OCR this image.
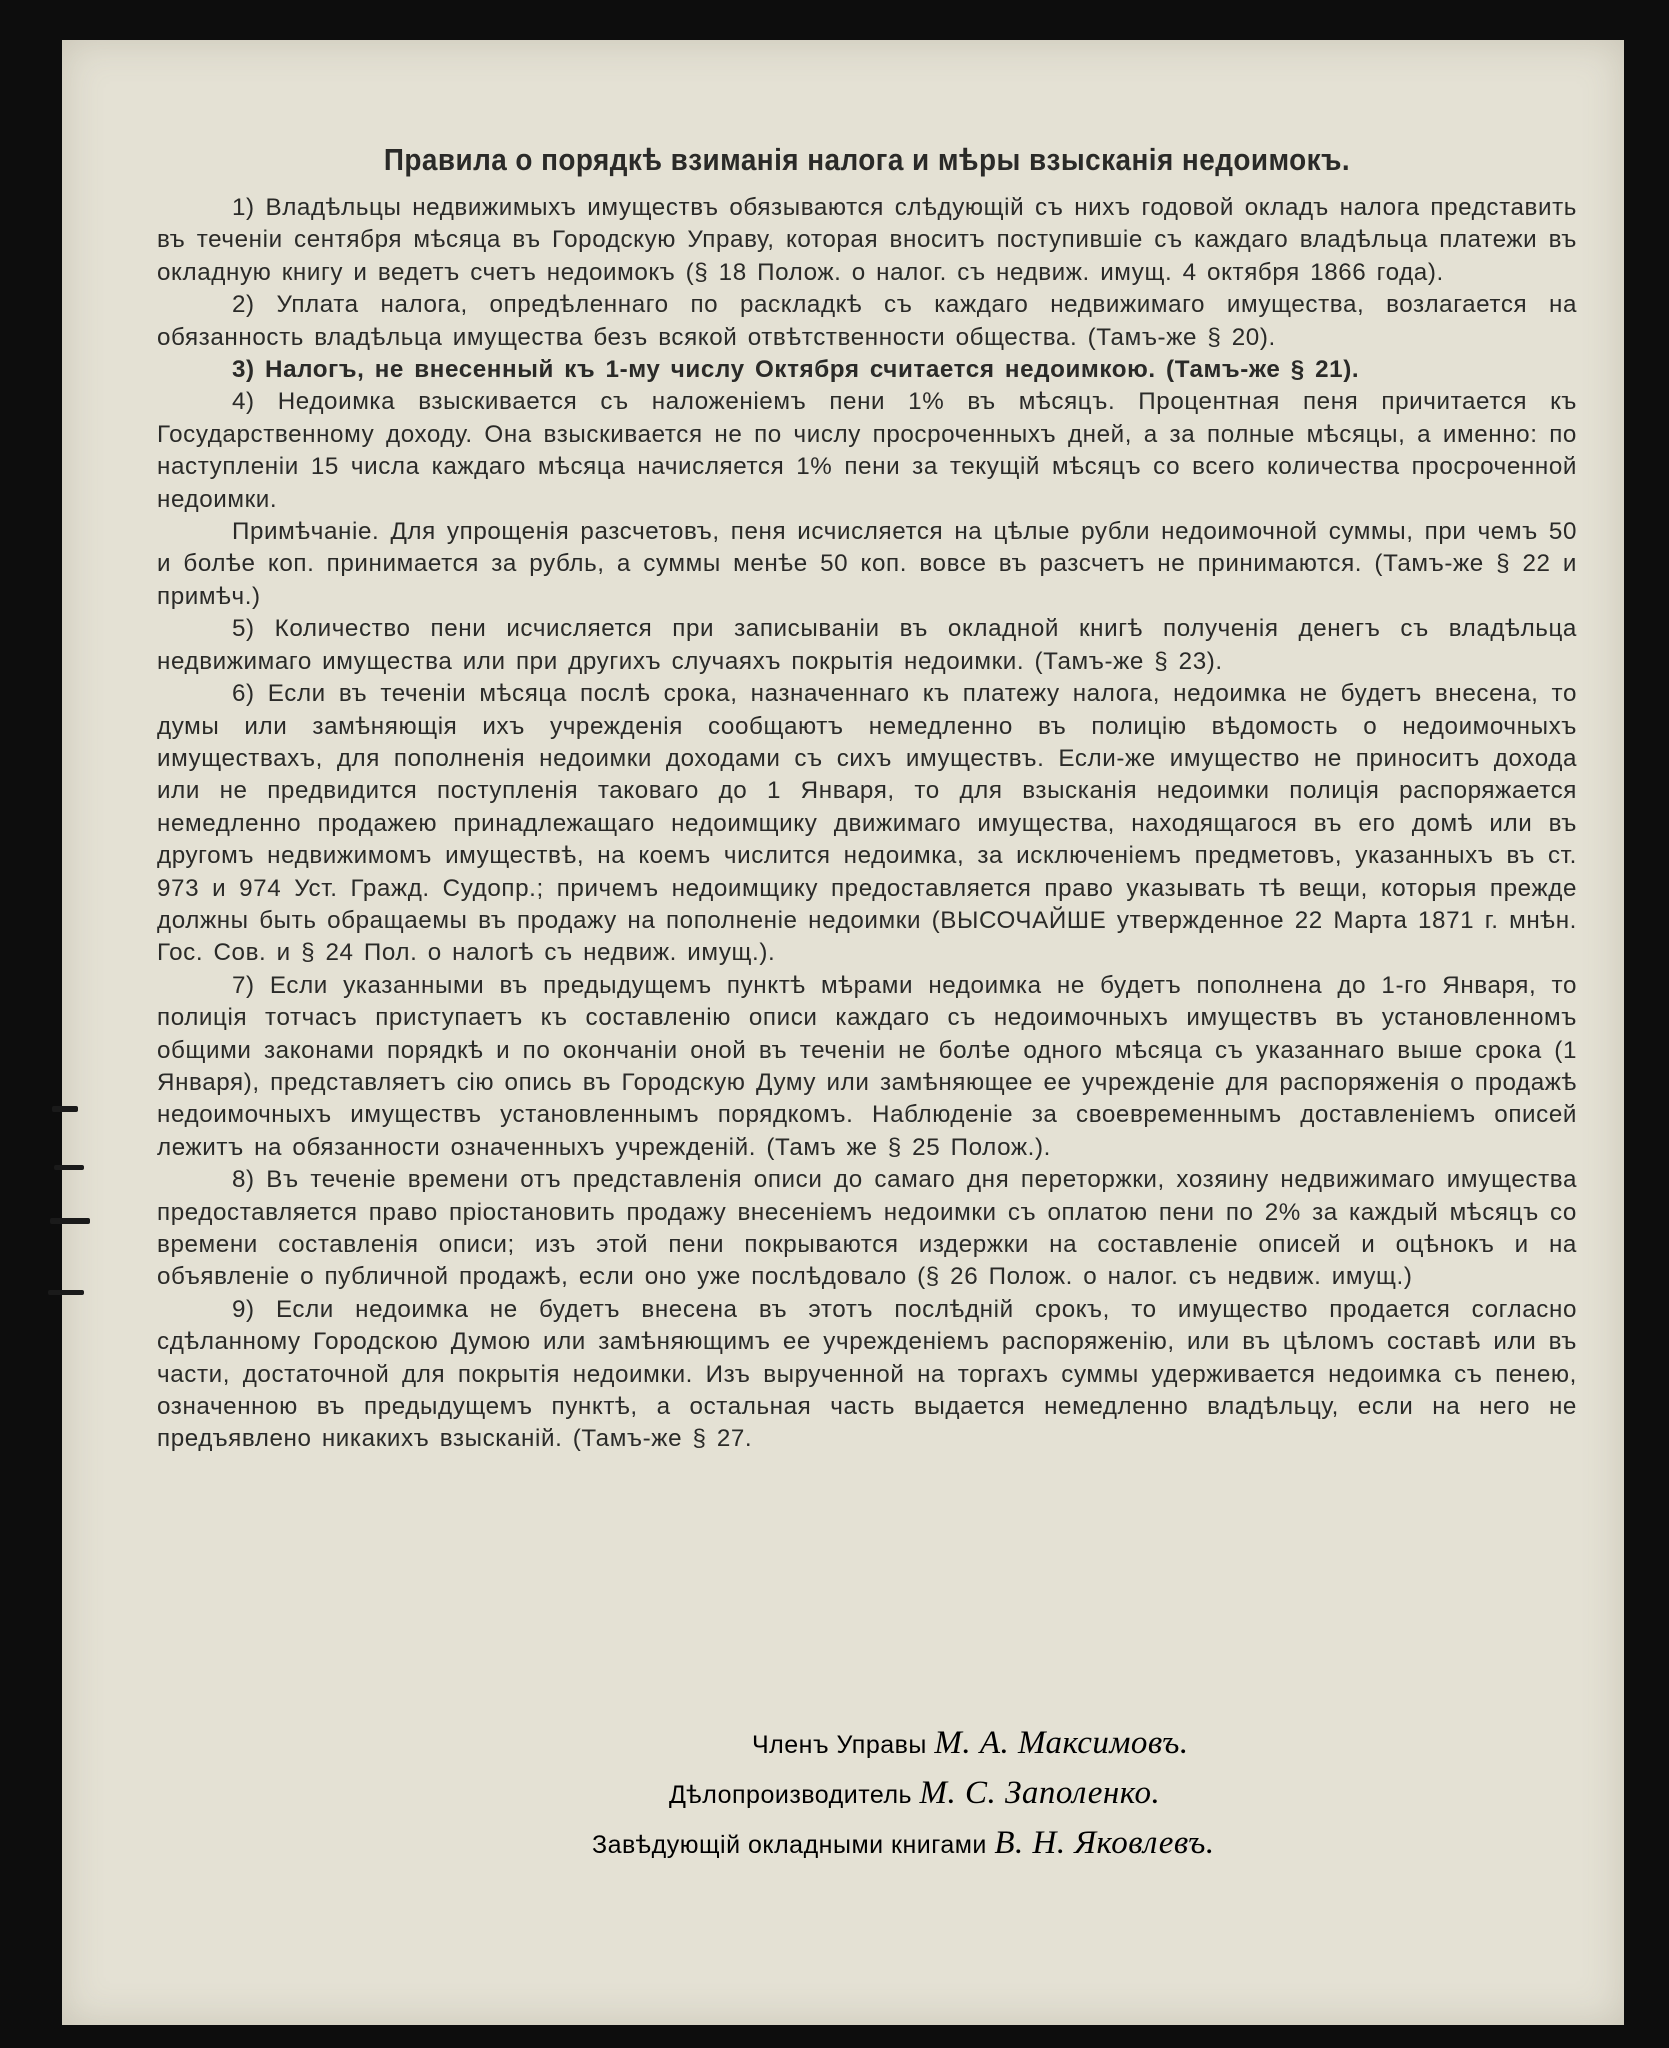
Правила о порядкѣ взиманія налога и мѣры взысканія недоимокъ.

1) Владѣльцы недвижимыхъ имуществъ обязываются слѣдующій съ нихъ годовой окладъ налога представить въ теченіи сентября мѣсяца въ Городскую Управу, которая вноситъ поступившіе съ каждаго владѣльца платежи въ окладную книгу и ведетъ счетъ недоимокъ (§ 18 Полож. о налог. съ недвиж. имущ. 4 октября 1866 года).

2) Уплата налога, опредѣленнаго по раскладкѣ съ каждаго недвижимаго имущества, возлагается на обязанность владѣльца имущества безъ всякой отвѣтственности общества. (Тамъ-же § 20).

3) Налогъ, не внесенный къ 1-му числу Октября считается недоимкою. (Тамъ-же § 21).

4) Недоимка взыскивается съ наложеніемъ пени 1% въ мѣсяцъ. Процентная пеня причитается къ Государственному доходу. Она взыскивается не по числу просроченныхъ дней, а за полные мѣсяцы, а именно: по наступленіи 15 числа каждаго мѣсяца начисляется 1% пени за текущій мѣсяцъ со всего количества просроченной недоимки.

Примѣчаніе. Для упрощенія разсчетовъ, пеня исчисляется на цѣлые рубли недоимочной суммы, при чемъ 50 и болѣе коп. принимается за рубль, а суммы менѣе 50 коп. вовсе въ разсчетъ не принимаются. (Тамъ-же § 22 и примѣч.)

5) Количество пени исчисляется при записываніи въ окладной книгѣ полученія денегъ съ владѣльца недвижимаго имущества или при другихъ случаяхъ покрытія недоимки. (Тамъ-же § 23).

6) Если въ теченіи мѣсяца послѣ срока, назначеннаго къ платежу налога, недоимка не будетъ внесена, то думы или замѣняющія ихъ учрежденія сообщаютъ немедленно въ полицію вѣдомость о недоимочныхъ имуществахъ, для пополненія недоимки доходами съ сихъ имуществъ. Если-же имущество не приноситъ дохода или не предвидится поступленія таковаго до 1 Января, то для взысканія недоимки полиція распоряжается немедленно продажею принадлежащаго недоимщику движимаго имущества, находящагося въ его домѣ или въ другомъ недвижимомъ имуществѣ, на коемъ числится недоимка, за исключеніемъ предметовъ, указанныхъ въ ст. 973 и 974 Уст. Гражд. Судопр.; причемъ недоимщику предоставляется право указывать тѣ вещи, которыя прежде должны быть обращаемы въ продажу на пополненіе недоимки (ВЫСОЧАЙШЕ утвержденное 22 Марта 1871 г. мнѣн. Гос. Сов. и § 24 Пол. о налогѣ съ недвиж. имущ.).

7) Если указанными въ предыдущемъ пунктѣ мѣрами недоимка не будетъ пополнена до 1-го Января, то полиція тотчасъ приступаетъ къ составленію описи каждаго съ недоимочныхъ имуществъ въ установленномъ общими законами порядкѣ и по окончаніи оной въ теченіи не болѣе одного мѣсяца съ указаннаго выше срока (1 Января), представляетъ сію опись въ Городскую Думу или замѣняющее ее учрежденіе для распоряженія о продажѣ недоимочныхъ имуществъ установленнымъ порядкомъ. Наблюденіе за своевременнымъ доставленіемъ описей лежитъ на обязанности означенныхъ учрежденій. (Тамъ же § 25 Полож.).

8) Въ теченіе времени отъ представленія описи до самаго дня переторжки, хозяину недвижимаго имущества предоставляется право пріостановить продажу внесеніемъ недоимки съ оплатою пени по 2% за каждый мѣсяцъ со времени составленія описи; изъ этой пени покрываются издержки на составленіе описей и оцѣнокъ и на объявленіе о публичной продажѣ, если оно уже послѣдовало (§ 26 Полож. о налог. съ недвиж. имущ.)

9) Если недоимка не будетъ внесена въ этотъ послѣдній срокъ, то имущество продается согласно сдѣланному Городскою Думою или замѣняющимъ ее учрежденіемъ распоряженію, или въ цѣломъ составѣ или въ части, достаточной для покрытія недоимки. Изъ вырученной на торгахъ суммы удерживается недоимка съ пенею, означенною въ предыдущемъ пунктѣ, а остальная часть выдается немедленно владѣльцу, если на него не предъявлено никакихъ взысканій. (Тамъ-же § 27.

Членъ Управы М. А. Максимовъ.

Дѣлопроизводитель М. С. Заполенко.

Завѣдующій окладными книгами В. Н. Яковлевъ.
